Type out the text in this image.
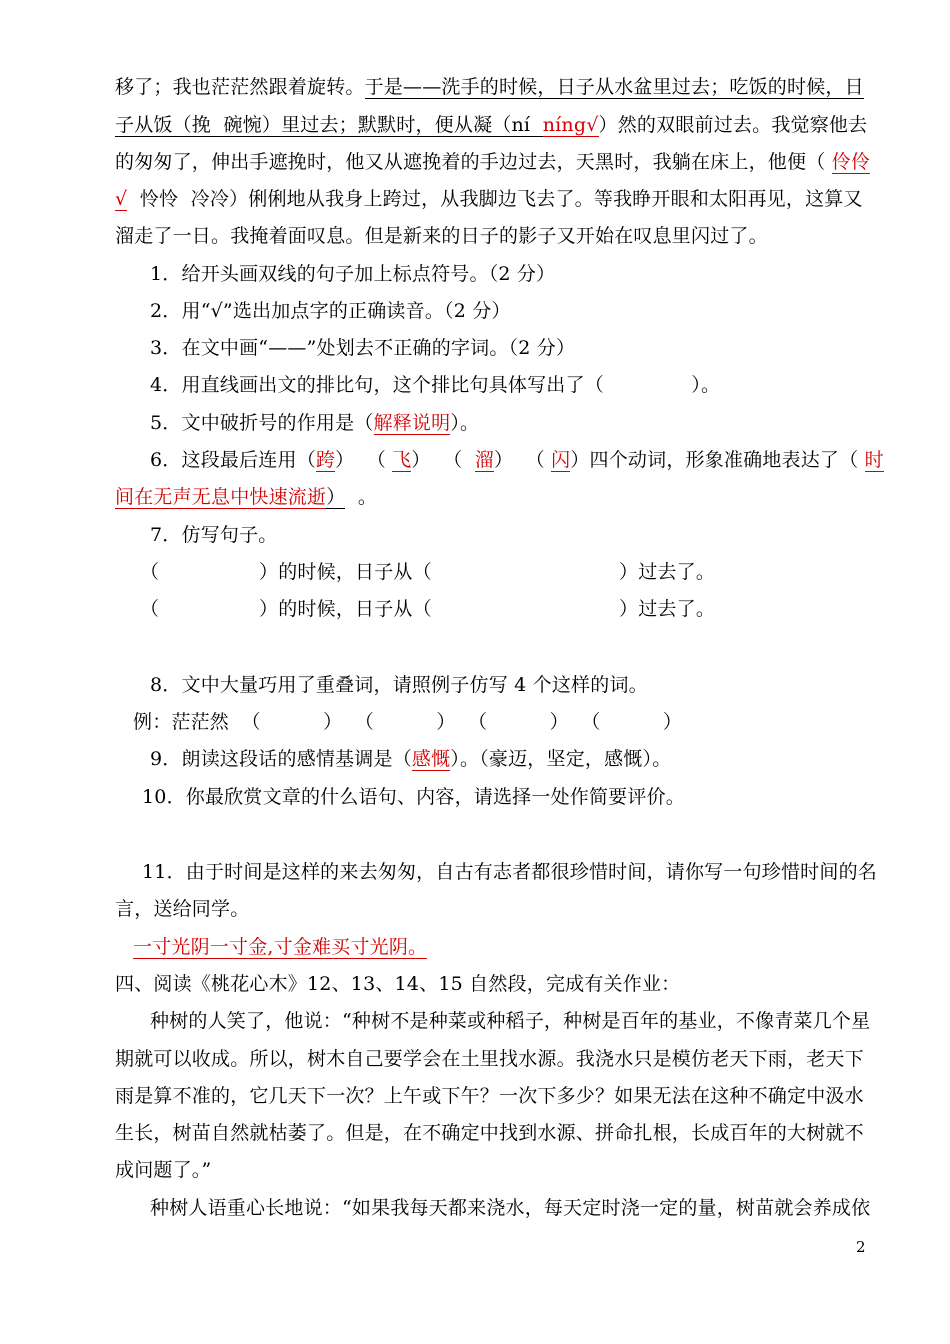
移了；我也茫茫然跟着旋转。于是——洗手的时候，日子从水盆里过去；吃饭的时候，日
子从饭（挽  碗惋）里过去；默默时，便从凝（ní  níng√）然的双眼前过去。我觉察他去
的匆匆了，伸出手遮挽时，他又从遮挽着的手边过去，天黑时，我躺在床上，他便（ 伶伶
√  怜怜  冷冷）俐俐地从我身上跨过，从我脚边飞去了。等我睁开眼和太阳再见，这算又
溜走了一日。我掩着面叹息。但是新来的日子的影子又开始在叹息里闪过了。
1．给开头画双线的句子加上标点符号。（2 分）
2．用“√”选出加点字的正确读音。（2 分）
3．在文中画“——”处划去不正确的字词。（2 分）
4．用直线画出文的排比句，这个排比句具体写出了（              ）。
5．文中破折号的作用是（解释说明）。
6．这段最后连用（跨）  （ 飞）  （  溜）  （ 闪）四个动词，形象准确地表达了（ 时
间在无声无息中快速流逝）  。
7．仿写句子。
（                ）的时候，日子从（                              ）过去了。
（                ）的时候，日子从（                              ）过去了。
8．文中大量巧用了重叠词，请照例子仿写 4 个这样的词。
例：茫茫然  （          ）  （          ）  （          ）  （          ）
9．朗读这段话的感情基调是（感慨）。（豪迈，坚定，感慨）。
10．你最欣赏文章的什么语句、内容，请选择一处作简要评价。
11．由于时间是这样的来去匆匆，自古有志者都很珍惜时间，请你写一句珍惜时间的名
言，送给同学。
一寸光阴一寸金,寸金难买寸光阴。
四、阅读《桃花心木》12、13、14、15 自然段，完成有关作业：
种树的人笑了，他说：“种树不是种菜或种稻子，种树是百年的基业，不像青菜几个星
期就可以收成。所以，树木自己要学会在土里找水源。我浇水只是模仿老天下雨，老天下
雨是算不准的，它几天下一次？上午或下午？一次下多少？如果无法在这种不确定中汲水
生长，树苗自然就枯萎了。但是，在不确定中找到水源、拼命扎根，长成百年的大树就不
成问题了。”
种树人语重心长地说：“如果我每天都来浇水，每天定时浇一定的量，树苗就会养成依
2
